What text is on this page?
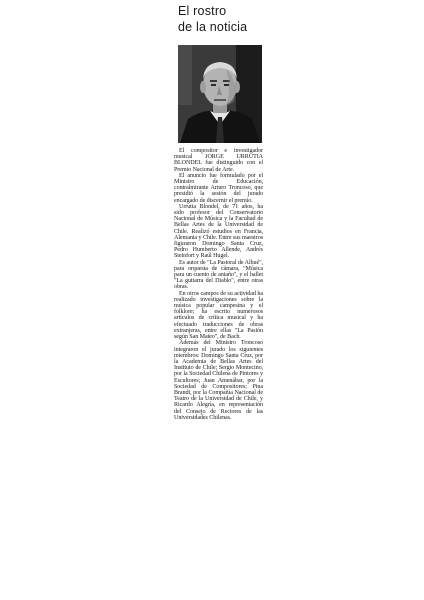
El rostro
de la noticia

El compositor e investigador musical JORGE URRUTIA BLONDEL fue distinguido con el Premio Nacional de Arte.

El anuncio fue formulado por el Ministro de Educación, contralmirante Arturo Troncoso, que presidió la sesión del jurado encargado de discernir el premio.

Urrutia Blondel, de 71 años, ha sido profesor del Conservatorio Nacional de Música y la Facultad de Bellas Artes de la Universidad de Chile. Realizó estudios en Francia, Alemania y Chile. Entre sus maestros figuraron Domingo Santa Cruz, Pedro Humberto Allende, Andrés Steinfort y Raúl Hugel.

Es autor de "La Pastoral de Alhué", para orquesta de cámara, "Música para un cuento de antaño", y el ballet "La guitarra del Diablo", entre otras obras.

En otros campos de su actividad ha realizado investigaciones sobre la música popular campesina y el folklore; ha escrito numerosos artículos de crítica musical y ha efectuado traducciones de obras extranjeras, entre ellas "La Pasión según San Mateo", de Bach.

Además del Ministro Troncoso integraron el jurado los siguientes miembros: Domingo Santa Cruz, por la Academia de Bellas Artes del Instituto de Chile; Sergio Montecino, por la Sociedad Chilena de Pintores y Escultores; Juan Amenábar, por la Sociedad de Compositores; Pina Brandt, por la Compañía Nacional de Teatro de la Universidad de Chile, y Ricardo Alegría, en representación del Consejo de Rectores de las Universidades Chilenas.
